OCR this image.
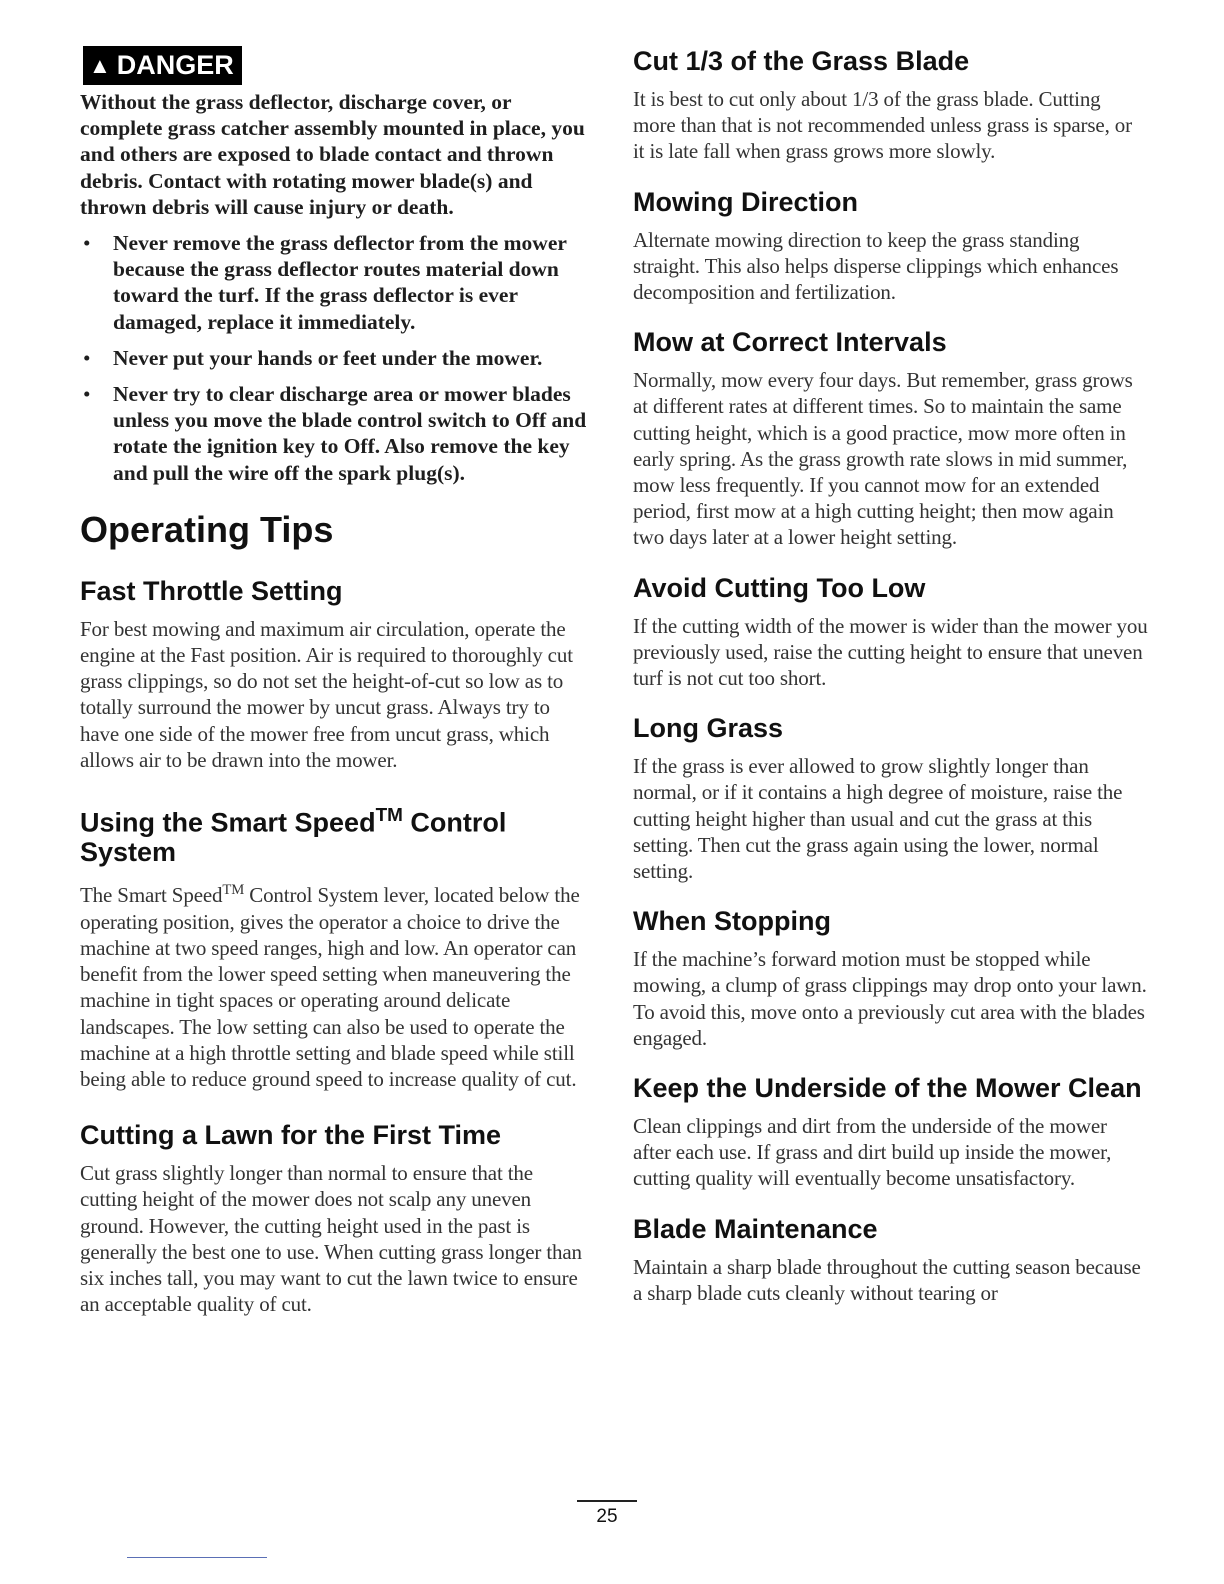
▲ DANGER

Without the grass deflector, discharge cover, or complete grass catcher assembly mounted in place, you and others are exposed to blade contact and thrown debris. Contact with rotating mower blade(s) and thrown debris will cause injury or death.

• Never remove the grass deflector from the mower because the grass deflector routes material down toward the turf. If the grass deflector is ever damaged, replace it immediately.
• Never put your hands or feet under the mower.
• Never try to clear discharge area or mower blades unless you move the blade control switch to Off and rotate the ignition key to Off. Also remove the key and pull the wire off the spark plug(s).
Operating Tips
Fast Throttle Setting

For best mowing and maximum air circulation, operate the engine at the Fast position. Air is required to thoroughly cut grass clippings, so do not set the height-of-cut so low as to totally surround the mower by uncut grass. Always try to have one side of the mower free from uncut grass, which allows air to be drawn into the mower.

Using the Smart Speed™ Control System

The Smart Speed™ Control System lever, located below the operating position, gives the operator a choice to drive the machine at two speed ranges, high and low. An operator can benefit from the lower speed setting when maneuvering the machine in tight spaces or operating around delicate landscapes. The low setting can also be used to operate the machine at a high throttle setting and blade speed while still being able to reduce ground speed to increase quality of cut.

Cutting a Lawn for the First Time

Cut grass slightly longer than normal to ensure that the cutting height of the mower does not scalp any uneven ground. However, the cutting height used in the past is generally the best one to use. When cutting grass longer than six inches tall, you may want to cut the lawn twice to ensure an acceptable quality of cut.

Cut 1/3 of the Grass Blade

It is best to cut only about 1/3 of the grass blade. Cutting more than that is not recommended unless grass is sparse, or it is late fall when grass grows more slowly.

Mowing Direction

Alternate mowing direction to keep the grass standing straight. This also helps disperse clippings which enhances decomposition and fertilization.

Mow at Correct Intervals

Normally, mow every four days. But remember, grass grows at different rates at different times. So to maintain the same cutting height, which is a good practice, mow more often in early spring. As the grass growth rate slows in mid summer, mow less frequently. If you cannot mow for an extended period, first mow at a high cutting height; then mow again two days later at a lower height setting.

Avoid Cutting Too Low

If the cutting width of the mower is wider than the mower you previously used, raise the cutting height to ensure that uneven turf is not cut too short.

Long Grass

If the grass is ever allowed to grow slightly longer than normal, or if it contains a high degree of moisture, raise the cutting height higher than usual and cut the grass at this setting. Then cut the grass again using the lower, normal setting.

When Stopping

If the machine’s forward motion must be stopped while mowing, a clump of grass clippings may drop onto your lawn. To avoid this, move onto a previously cut area with the blades engaged.

Keep the Underside of the Mower Clean

Clean clippings and dirt from the underside of the mower after each use. If grass and dirt build up inside the mower, cutting quality will eventually become unsatisfactory.

Blade Maintenance

Maintain a sharp blade throughout the cutting season because a sharp blade cuts cleanly without tearing or

25
